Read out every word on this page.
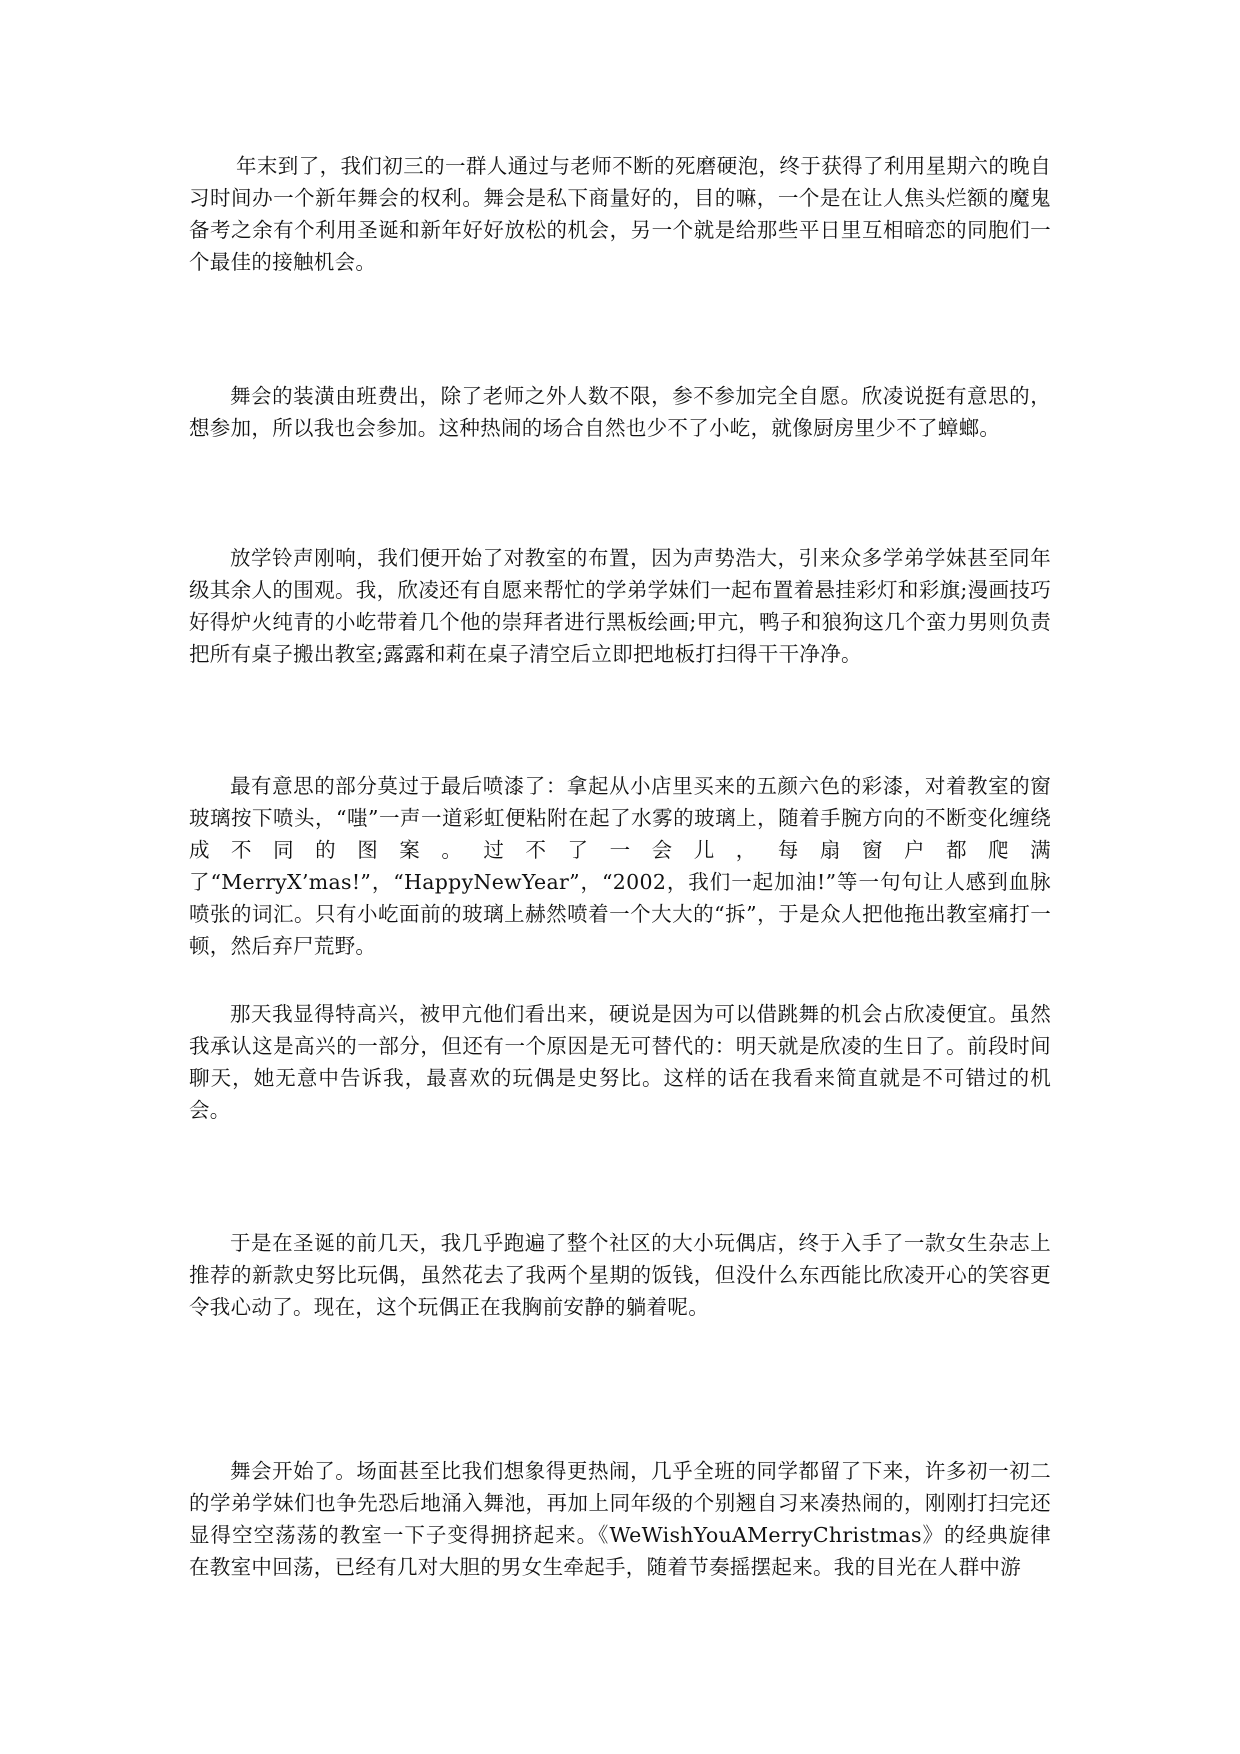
年末到了，我们初三的一群人通过与老师不断的死磨硬泡，终于获得了利用星期六的晚自习时间办一个新年舞会的权利。舞会是私下商量好的，目的嘛，一个是在让人焦头烂额的魔鬼备考之余有个利用圣诞和新年好好放松的机会，另一个就是给那些平日里互相暗恋的同胞们一个最佳的接触机会。

舞会的装潢由班费出，除了老师之外人数不限，参不参加完全自愿。欣凌说挺有意思的，想参加，所以我也会参加。这种热闹的场合自然也少不了小屹，就像厨房里少不了蟑螂。

放学铃声刚响，我们便开始了对教室的布置，因为声势浩大，引来众多学弟学妹甚至同年级其余人的围观。我，欣凌还有自愿来帮忙的学弟学妹们一起布置着悬挂彩灯和彩旗;漫画技巧好得炉火纯青的小屹带着几个他的崇拜者进行黑板绘画;甲亢，鸭子和狼狗这几个蛮力男则负责把所有桌子搬出教室;露露和莉在桌子清空后立即把地板打扫得干干净净。

最有意思的部分莫过于最后喷漆了：拿起从小店里买来的五颜六色的彩漆，对着教室的窗玻璃按下喷头，“嗤”一声一道彩虹便粘附在起了水雾的玻璃上，随着手腕方向的不断变化缠绕成不同的图案。过不了一会儿，每扇窗户都爬满了“MerryX’mas!”，“HappyNewYear”，“2002，我们一起加油!”等一句句让人感到血脉喷张的词汇。只有小屹面前的玻璃上赫然喷着一个大大的“拆”，于是众人把他拖出教室痛打一顿，然后弃尸荒野。

那天我显得特高兴，被甲亢他们看出来，硬说是因为可以借跳舞的机会占欣凌便宜。虽然我承认这是高兴的一部分，但还有一个原因是无可替代的：明天就是欣凌的生日了。前段时间聊天，她无意中告诉我，最喜欢的玩偶是史努比。这样的话在我看来简直就是不可错过的机会。

于是在圣诞的前几天，我几乎跑遍了整个社区的大小玩偶店，终于入手了一款女生杂志上推荐的新款史努比玩偶，虽然花去了我两个星期的饭钱，但没什么东西能比欣凌开心的笑容更令我心动了。现在，这个玩偶正在我胸前安静的躺着呢。

舞会开始了。场面甚至比我们想象得更热闹，几乎全班的同学都留了下来，许多初一初二的学弟学妹们也争先恐后地涌入舞池，再加上同年级的个别翘自习来凑热闹的，刚刚打扫完还显得空空荡荡的教室一下子变得拥挤起来。《WeWishYouAMerryChristmas》的经典旋律在教室中回荡，已经有几对大胆的男女生牵起手，随着节奏摇摆起来。我的目光在人群中游
